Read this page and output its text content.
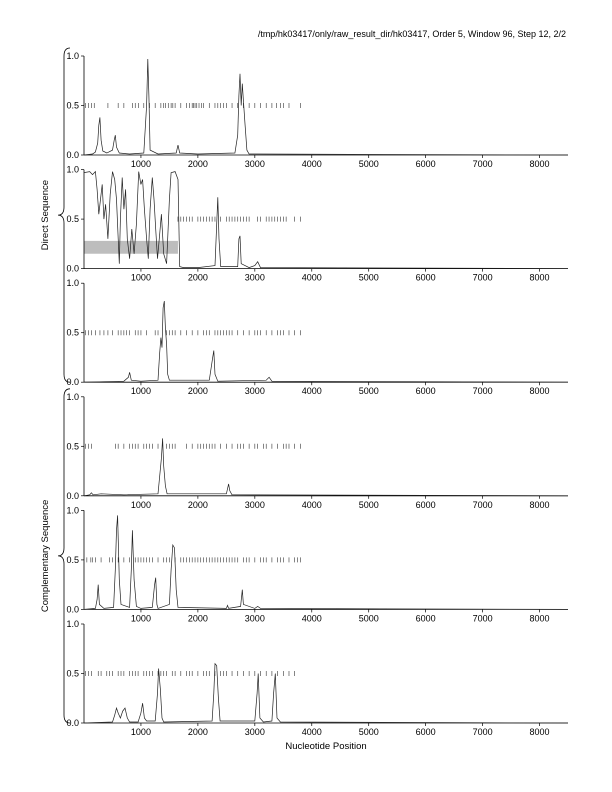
/tmp/hk03417/only/raw_result_dir/hk03417, Order 5, Window 96, Step 12, 2/2
0.0
0.5
1.0
1000	2000	3000	4000	5000	6000	7000	8000
0.0
0.5
1.0
1000	2000	3000	4000	5000	6000	7000	8000
0.0
0.5
1.0
1000	2000	3000	4000	5000	6000	7000	8000
0.0
0.5
1.0
1000	2000	3000	4000	5000	6000	7000	8000
0.0
0.5
1.0
1000	2000	3000	4000	5000	6000	7000	8000
0.0
0.5
1.0
1000	2000	3000	4000	5000	6000	7000	8000
Nucleotide Position
Direct Sequence
Complementary Sequence
